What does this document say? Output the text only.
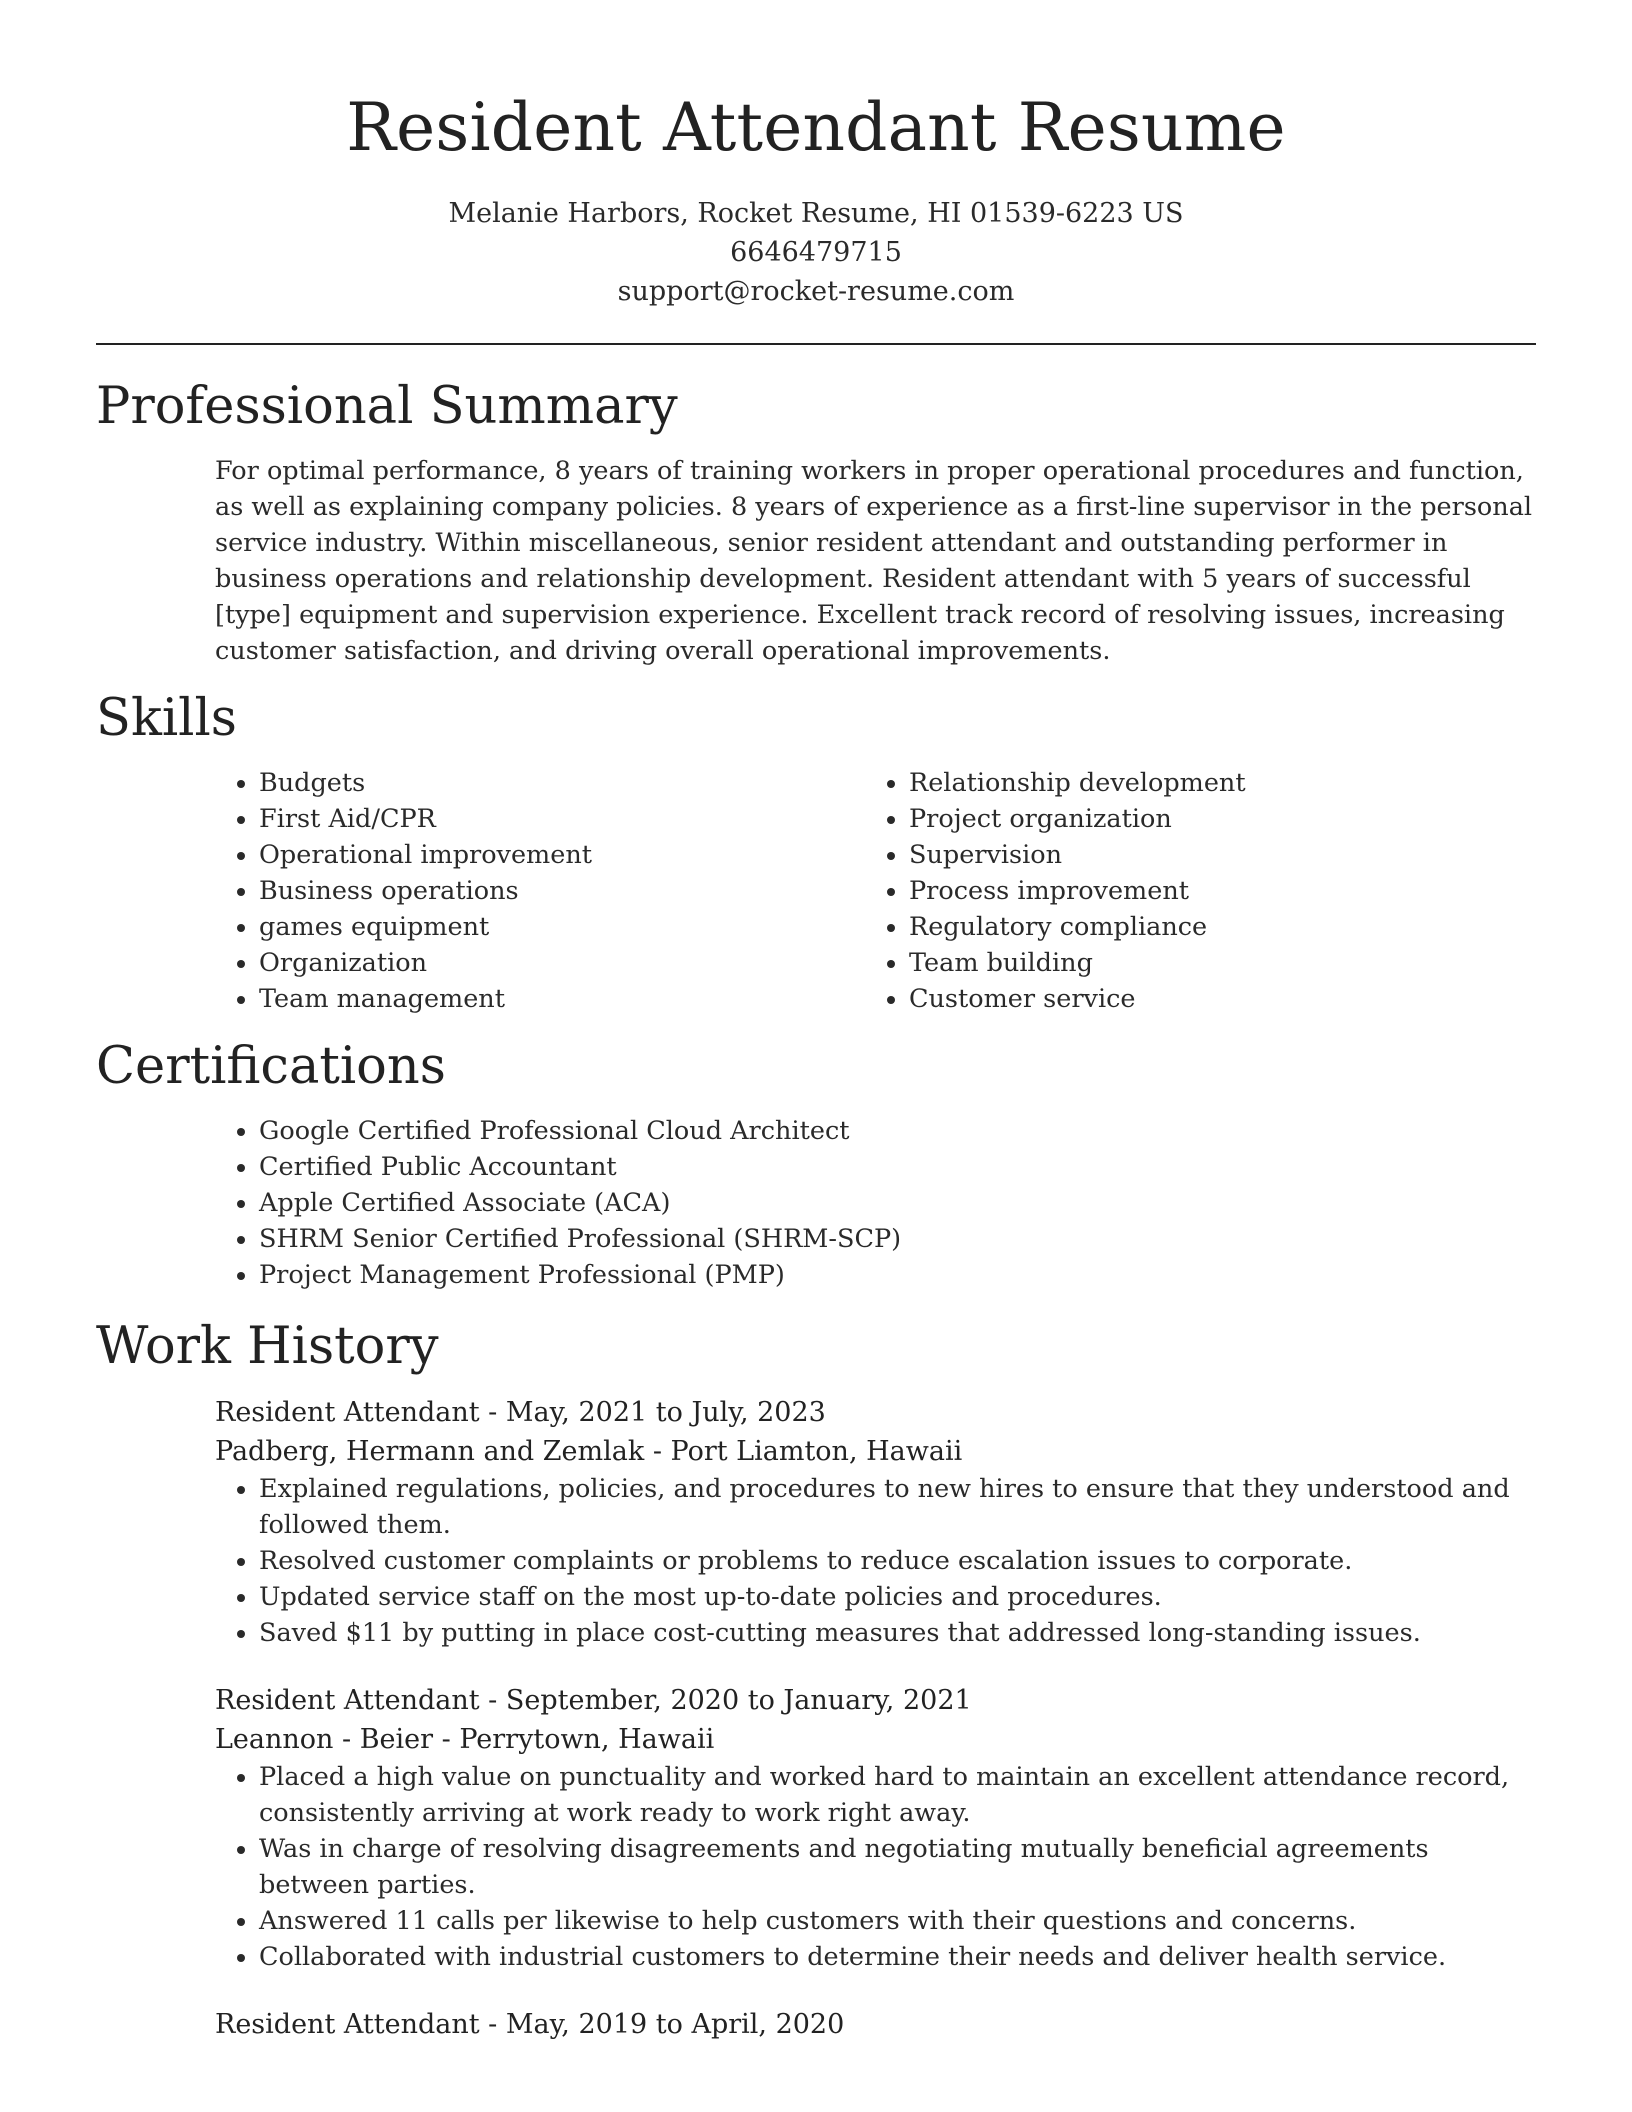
Resident Attendant Resume
Melanie Harbors, Rocket Resume, HI 01539-6223 US
6646479715
support@rocket-resume.com
Professional Summary
For optimal performance, 8 years of training workers in proper operational procedures and function, as well as explaining company policies. 8 years of experience as a first-line supervisor in the personal service industry. Within miscellaneous, senior resident attendant and outstanding performer in business operations and relationship development. Resident attendant with 5 years of successful [type] equipment and supervision experience. Excellent track record of resolving issues, increasing customer satisfaction, and driving overall operational improvements.
Skills
• Budgets
• First Aid/CPR
• Operational improvement
• Business operations
• games equipment
• Organization
• Team management
• Relationship development
• Project organization
• Supervision
• Process improvement
• Regulatory compliance
• Team building
• Customer service
Certifications
• Google Certified Professional Cloud Architect
• Certified Public Accountant
• Apple Certified Associate (ACA)
• SHRM Senior Certified Professional (SHRM-SCP)
• Project Management Professional (PMP)
Work History
Resident Attendant - May, 2021 to July, 2023
Padberg, Hermann and Zemlak - Port Liamton, Hawaii
• Explained regulations, policies, and procedures to new hires to ensure that they understood and followed them.
• Resolved customer complaints or problems to reduce escalation issues to corporate.
• Updated service staff on the most up-to-date policies and procedures.
• Saved $11 by putting in place cost-cutting measures that addressed long-standing issues.
Resident Attendant - September, 2020 to January, 2021
Leannon - Beier - Perrytown, Hawaii
• Placed a high value on punctuality and worked hard to maintain an excellent attendance record, consistently arriving at work ready to work right away.
• Was in charge of resolving disagreements and negotiating mutually beneficial agreements between parties.
• Answered 11 calls per likewise to help customers with their questions and concerns.
• Collaborated with industrial customers to determine their needs and deliver health service.
Resident Attendant - May, 2019 to April, 2020
